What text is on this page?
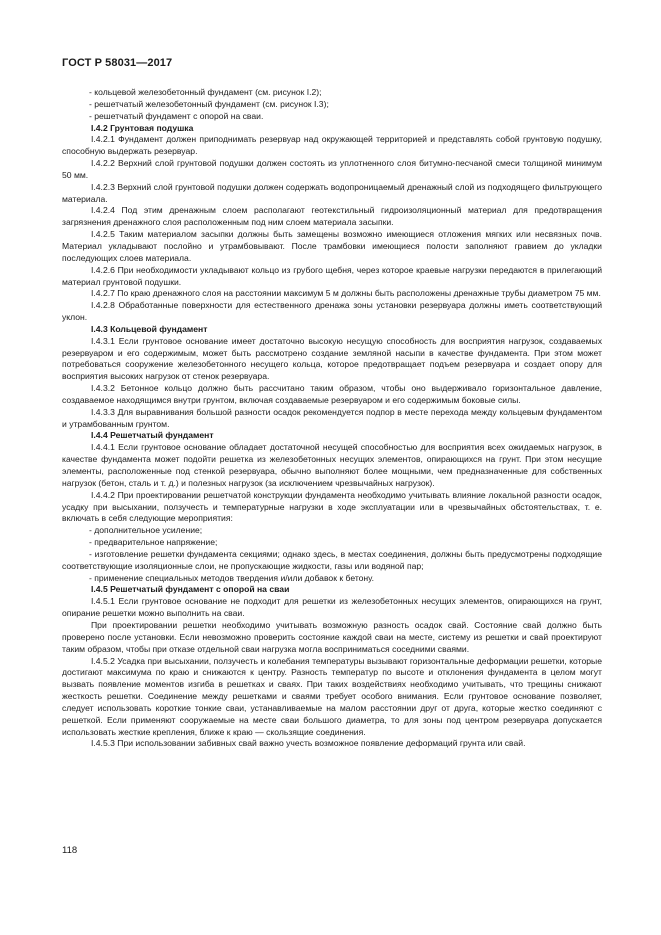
ГОСТ Р 58031—2017

- кольцевой железобетонный фундамент (см. рисунок I.2);

- решетчатый железобетонный фундамент (см. рисунок I.3);

- решетчатый фундамент с опорой на сваи.

I.4.2 Грунтовая подушка

I.4.2.1 Фундамент должен приподнимать резервуар над окружающей территорией и представлять собой грунтовую подушку, способную выдержать резервуар.

I.4.2.2 Верхний слой грунтовой подушки должен состоять из уплотненного слоя битумно-песчаной смеси толщиной минимум 50 мм.

I.4.2.3 Верхний слой грунтовой подушки должен содержать водопроницаемый дренажный слой из подходящего фильтрующего материала.

I.4.2.4 Под этим дренажным слоем располагают геотекстильный гидроизоляционный материал для предотвращения загрязнения дренажного слоя расположенным под ним слоем материала засыпки.

I.4.2.5 Таким материалом засыпки должны быть замещены возможно имеющиеся отложения мягких или несвязных почв. Материал укладывают послойно и утрамбовывают. После трамбовки имеющиеся полости заполняют гравием до укладки последующих слоев материала.

I.4.2.6 При необходимости укладывают кольцо из грубого щебня, через которое краевые нагрузки передаются в прилегающий материал грунтовой подушки.

I.4.2.7 По краю дренажного слоя на расстоянии максимум 5 м должны быть расположены дренажные трубы диаметром 75 мм.

I.4.2.8 Обработанные поверхности для естественного дренажа зоны установки резервуара должны иметь соответствующий уклон.

I.4.3 Кольцевой фундамент

I.4.3.1 Если грунтовое основание имеет достаточно высокую несущую способность для восприятия нагрузок, создаваемых резервуаром и его содержимым, может быть рассмотрено создание земляной насыпи в качестве фундамента. При этом может потребоваться сооружение железобетонного несущего кольца, которое предотвращает подъем резервуара и создает опору для восприятия высоких нагрузок от стенок резервуара.

I.4.3.2 Бетонное кольцо должно быть рассчитано таким образом, чтобы оно выдерживало горизонтальное давление, создаваемое находящимся внутри грунтом, включая создаваемые резервуаром и его содержимым боковые силы.

I.4.3.3 Для выравнивания большой разности осадок рекомендуется подпор в месте перехода между кольцевым фундаментом и утрамбованным грунтом.

I.4.4 Решетчатый фундамент

I.4.4.1 Если грунтовое основание обладает достаточной несущей способностью для восприятия всех ожидаемых нагрузок, в качестве фундамента может подойти решетка из железобетонных несущих элементов, опирающихся на грунт. При этом несущие элементы, расположенные под стенкой резервуара, обычно выполняют более мощными, чем предназначенные для собственных нагрузок (бетон, сталь и т. д.) и полезных нагрузок (за исключением чрезвычайных нагрузок).

I.4.4.2 При проектировании решетчатой конструкции фундамента необходимо учитывать влияние локальной разности осадок, усадку при высыхании, ползучесть и температурные нагрузки в ходе эксплуатации или в чрезвычайных обстоятельствах, т. е. включать в себя следующие мероприятия:

- дополнительное усиление;

- предварительное напряжение;

- изготовление решетки фундамента секциями; однако здесь, в местах соединения, должны быть предусмотрены подходящие соответствующие изоляционные слои, не пропускающие жидкости, газы или водяной пар;

- применение специальных методов твердения и/или добавок к бетону.

I.4.5 Решетчатый фундамент с опорой на сваи

I.4.5.1 Если грунтовое основание не подходит для решетки из железобетонных несущих элементов, опирающихся на грунт, опирание решетки можно выполнить на сваи.

При проектировании решетки необходимо учитывать возможную разность осадок свай. Состояние свай должно быть проверено после установки. Если невозможно проверить состояние каждой сваи на месте, систему из решетки и свай проектируют таким образом, чтобы при отказе отдельной сваи нагрузка могла восприниматься соседними сваями.

I.4.5.2 Усадка при высыхании, ползучесть и колебания температуры вызывают горизонтальные деформации решетки, которые достигают максимума по краю и снижаются к центру. Разность температур по высоте и отклонения фундамента в целом могут вызвать появление моментов изгиба в решетках и сваях. При таких воздействиях необходимо учитывать, что трещины снижают жесткость решетки. Соединение между решетками и сваями требует особого внимания. Если грунтовое основание позволяет, следует использовать короткие тонкие сваи, устанавливаемые на малом расстоянии друг от друга, которые жестко соединяют с решеткой. Если применяют сооружаемые на месте сваи большого диаметра, то для зоны под центром резервуара допускается использовать жесткие крепления, ближе к краю — скользящие соединения.

I.4.5.3 При использовании забивных свай важно учесть возможное появление деформаций грунта или свай.

118
